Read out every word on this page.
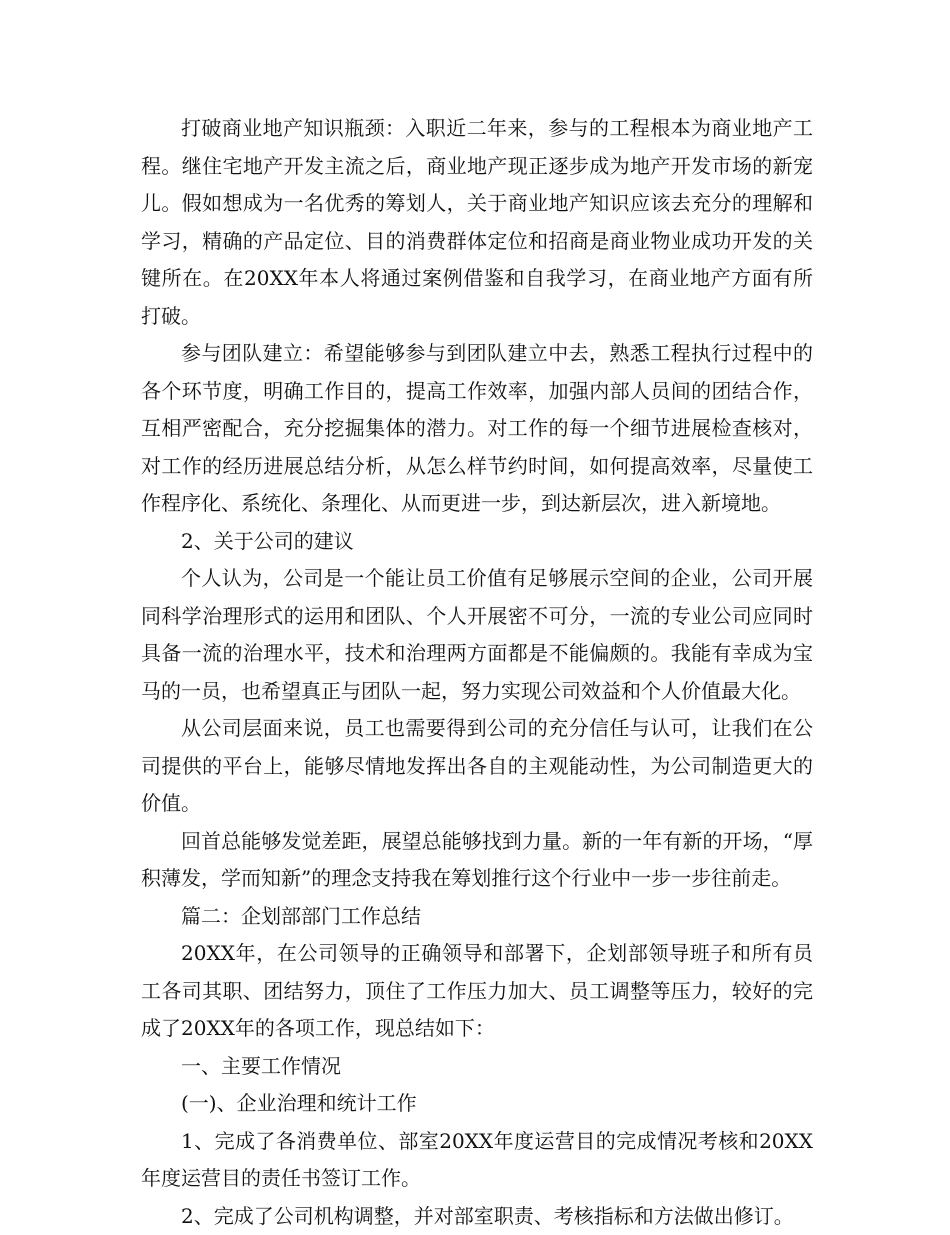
打破商业地产知识瓶颈：入职近二年来，参与的工程根本为商业地产工程。继住宅地产开发主流之后，商业地产现正逐步成为地产开发市场的新宠儿。假如想成为一名优秀的筹划人，关于商业地产知识应该去充分的理解和学习，精确的产品定位、目的消费群体定位和招商是商业物业成功开发的关键所在。在20XX年本人将通过案例借鉴和自我学习，在商业地产方面有所打破。

参与团队建立：希望能够参与到团队建立中去，熟悉工程执行过程中的各个环节度，明确工作目的，提高工作效率，加强内部人员间的团结合作，互相严密配合，充分挖掘集体的潜力。对工作的每一个细节进展检查核对，对工作的经历进展总结分析，从怎么样节约时间，如何提高效率，尽量使工作程序化、系统化、条理化、从而更进一步，到达新层次，进入新境地。

2、关于公司的建议

个人认为，公司是一个能让员工价值有足够展示空间的企业，公司开展同科学治理形式的运用和团队、个人开展密不可分，一流的专业公司应同时具备一流的治理水平，技术和治理两方面都是不能偏颇的。我能有幸成为宝马的一员，也希望真正与团队一起，努力实现公司效益和个人价值最大化。

从公司层面来说，员工也需要得到公司的充分信任与认可，让我们在公司提供的平台上，能够尽情地发挥出各自的主观能动性，为公司制造更大的价值。

回首总能够发觉差距，展望总能够找到力量。新的一年有新的开场，“厚积薄发，学而知新”的理念支持我在筹划推行这个行业中一步一步往前走。

篇二：企划部部门工作总结

20XX年，在公司领导的正确领导和部署下，企划部领导班子和所有员工各司其职、团结努力，顶住了工作压力加大、员工调整等压力，较好的完成了20XX年的各项工作，现总结如下：

一、主要工作情况

(一)、企业治理和统计工作

1、完成了各消费单位、部室20XX年度运营目的完成情况考核和20XX年度运营目的责任书签订工作。

2、完成了公司机构调整，并对部室职责、考核指标和方法做出修订。
